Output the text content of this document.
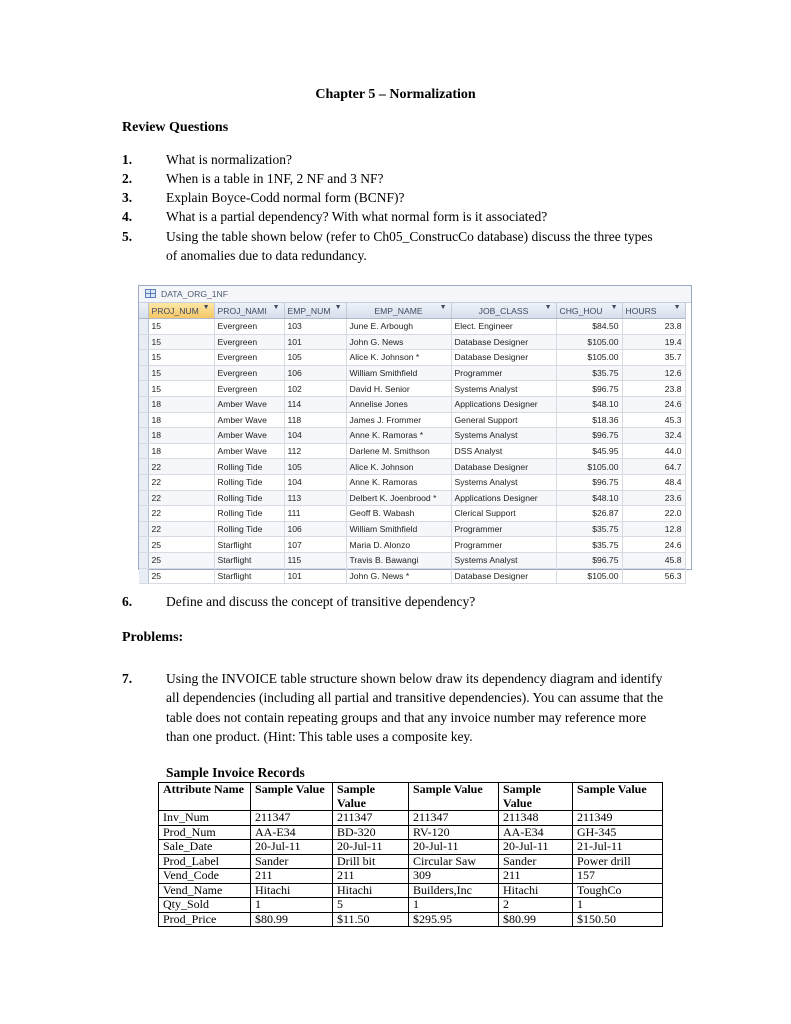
Chapter 5 – Normalization
Review Questions
1.	What is normalization?
2.	When is a table in 1NF, 2 NF and 3 NF?
3.	Explain Boyce-Codd normal form (BCNF)?
4.	What is a partial dependency? With what normal form is it associated?
5.	Using the table shown below (refer to Ch05_ConstrucCo database) discuss the three types of anomalies due to data redundancy.
DATA_ORG_1NF
	PROJ_NUM ▼	PROJ_NAMI ▼	EMP_NUM ▼	EMP_NAME ▼	JOB_CLASS ▼	CHG_HOU ▼	HOURS ▼

	15	Evergreen	103	June E. Arbough	Elect. Engineer	$84.50	23.8
	15	Evergreen	101	John G. News	Database Designer	$105.00	19.4
	15	Evergreen	105	Alice K. Johnson *	Database Designer	$105.00	35.7
	15	Evergreen	106	William Smithfield	Programmer	$35.75	12.6
	15	Evergreen	102	David H. Senior	Systems Analyst	$96.75	23.8
	18	Amber Wave	114	Annelise Jones	Applications Designer	$48.10	24.6
	18	Amber Wave	118	James J. Frommer	General Support	$18.36	45.3
	18	Amber Wave	104	Anne K. Ramoras *	Systems Analyst	$96.75	32.4
	18	Amber Wave	112	Darlene M. Smithson	DSS Analyst	$45.95	44.0
	22	Rolling Tide	105	Alice K. Johnson	Database Designer	$105.00	64.7
	22	Rolling Tide	104	Anne K. Ramoras	Systems Analyst	$96.75	48.4
	22	Rolling Tide	113	Delbert K. Joenbrood *	Applications Designer	$48.10	23.6
	22	Rolling Tide	111	Geoff B. Wabash	Clerical Support	$26.87	22.0
	22	Rolling Tide	106	William Smithfield	Programmer	$35.75	12.8
	25	Starflight	107	Maria D. Alonzo	Programmer	$35.75	24.6
	25	Starflight	115	Travis B. Bawangi	Systems Analyst	$96.75	45.8
	25	Starflight	101	John G. News *	Database Designer	$105.00	56.3
6.	Define and discuss the concept of transitive dependency?
Problems:
7.	Using the INVOICE table structure shown below draw its dependency diagram and identify all dependencies (including all partial and transitive dependencies). You can assume that the table does not contain repeating groups and that any invoice number may reference more than one product. (Hint: This table uses a composite key.
Sample Invoice Records
Attribute Name	Sample Value	Sample Value	Sample Value	Sample Value	Sample Value
Inv_Num	211347	211347	211347	211348	211349
Prod_Num	AA-E34	BD-320	RV-120	AA-E34	GH-345
Sale_Date	20-Jul-11	20-Jul-11	20-Jul-11	20-Jul-11	21-Jul-11
Prod_Label	Sander	Drill bit	Circular Saw	Sander	Power drill
Vend_Code	211	211	309	211	157
Vend_Name	Hitachi	Hitachi	Builders,Inc	Hitachi	ToughCo
Qty_Sold	1	5	1	2	1
Prod_Price	$80.99	$11.50	$295.95	$80.99	$150.50
